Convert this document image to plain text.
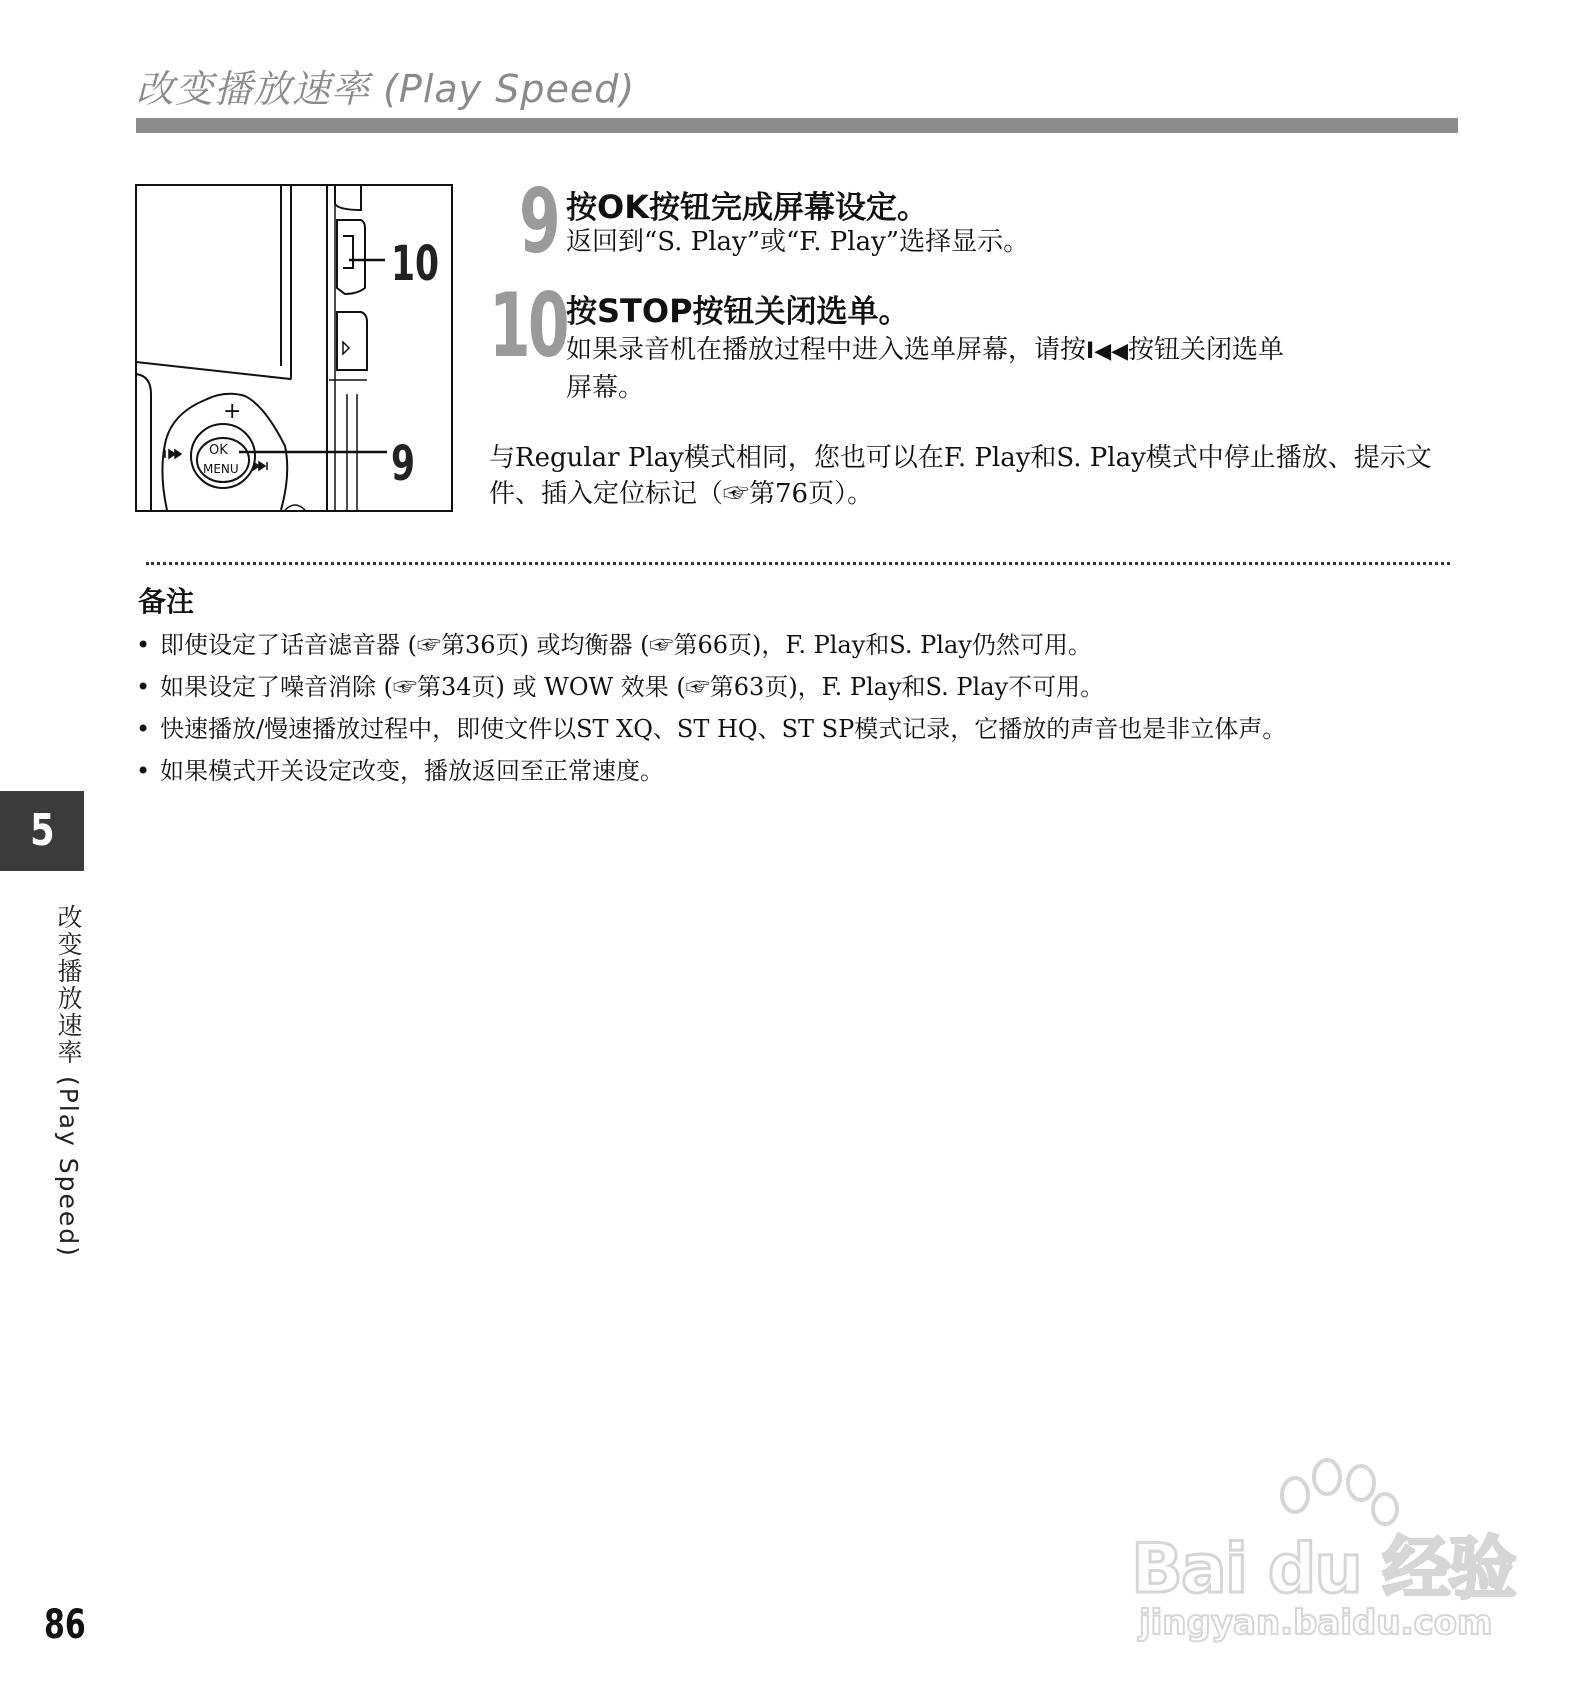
改变播放速率 (Play Speed)
+
OK
MENU
10
9
9 按OK按钮完成屏幕设定。
返回到“S. Play”或“F. Play”选择显示。
10 按STOP按钮关闭选单。
如果录音机在播放过程中进入选单屏幕，请按I◀◀按钮关闭选单
屏幕。
与Regular Play模式相同，您也可以在F. Play和S. Play模式中停止播放、提示文件、插入定位标记（☞第76页）。
备注
• 即使设定了话音滤音器 (☞第36页) 或均衡器 (☞第66页)，F. Play和S. Play仍然可用。
• 如果设定了噪音消除 (☞第34页) 或 WOW 效果 (☞第63页)，F. Play和S. Play不可用。
• 快速播放/慢速播放过程中，即使文件以ST XQ、ST HQ、ST SP模式记录，它播放的声音也是非立体声。
• 如果模式开关设定改变，播放返回至正常速度。
5
改变播放速率 (Play Speed)
86
Bai du 经验
jingyan.baidu.com
